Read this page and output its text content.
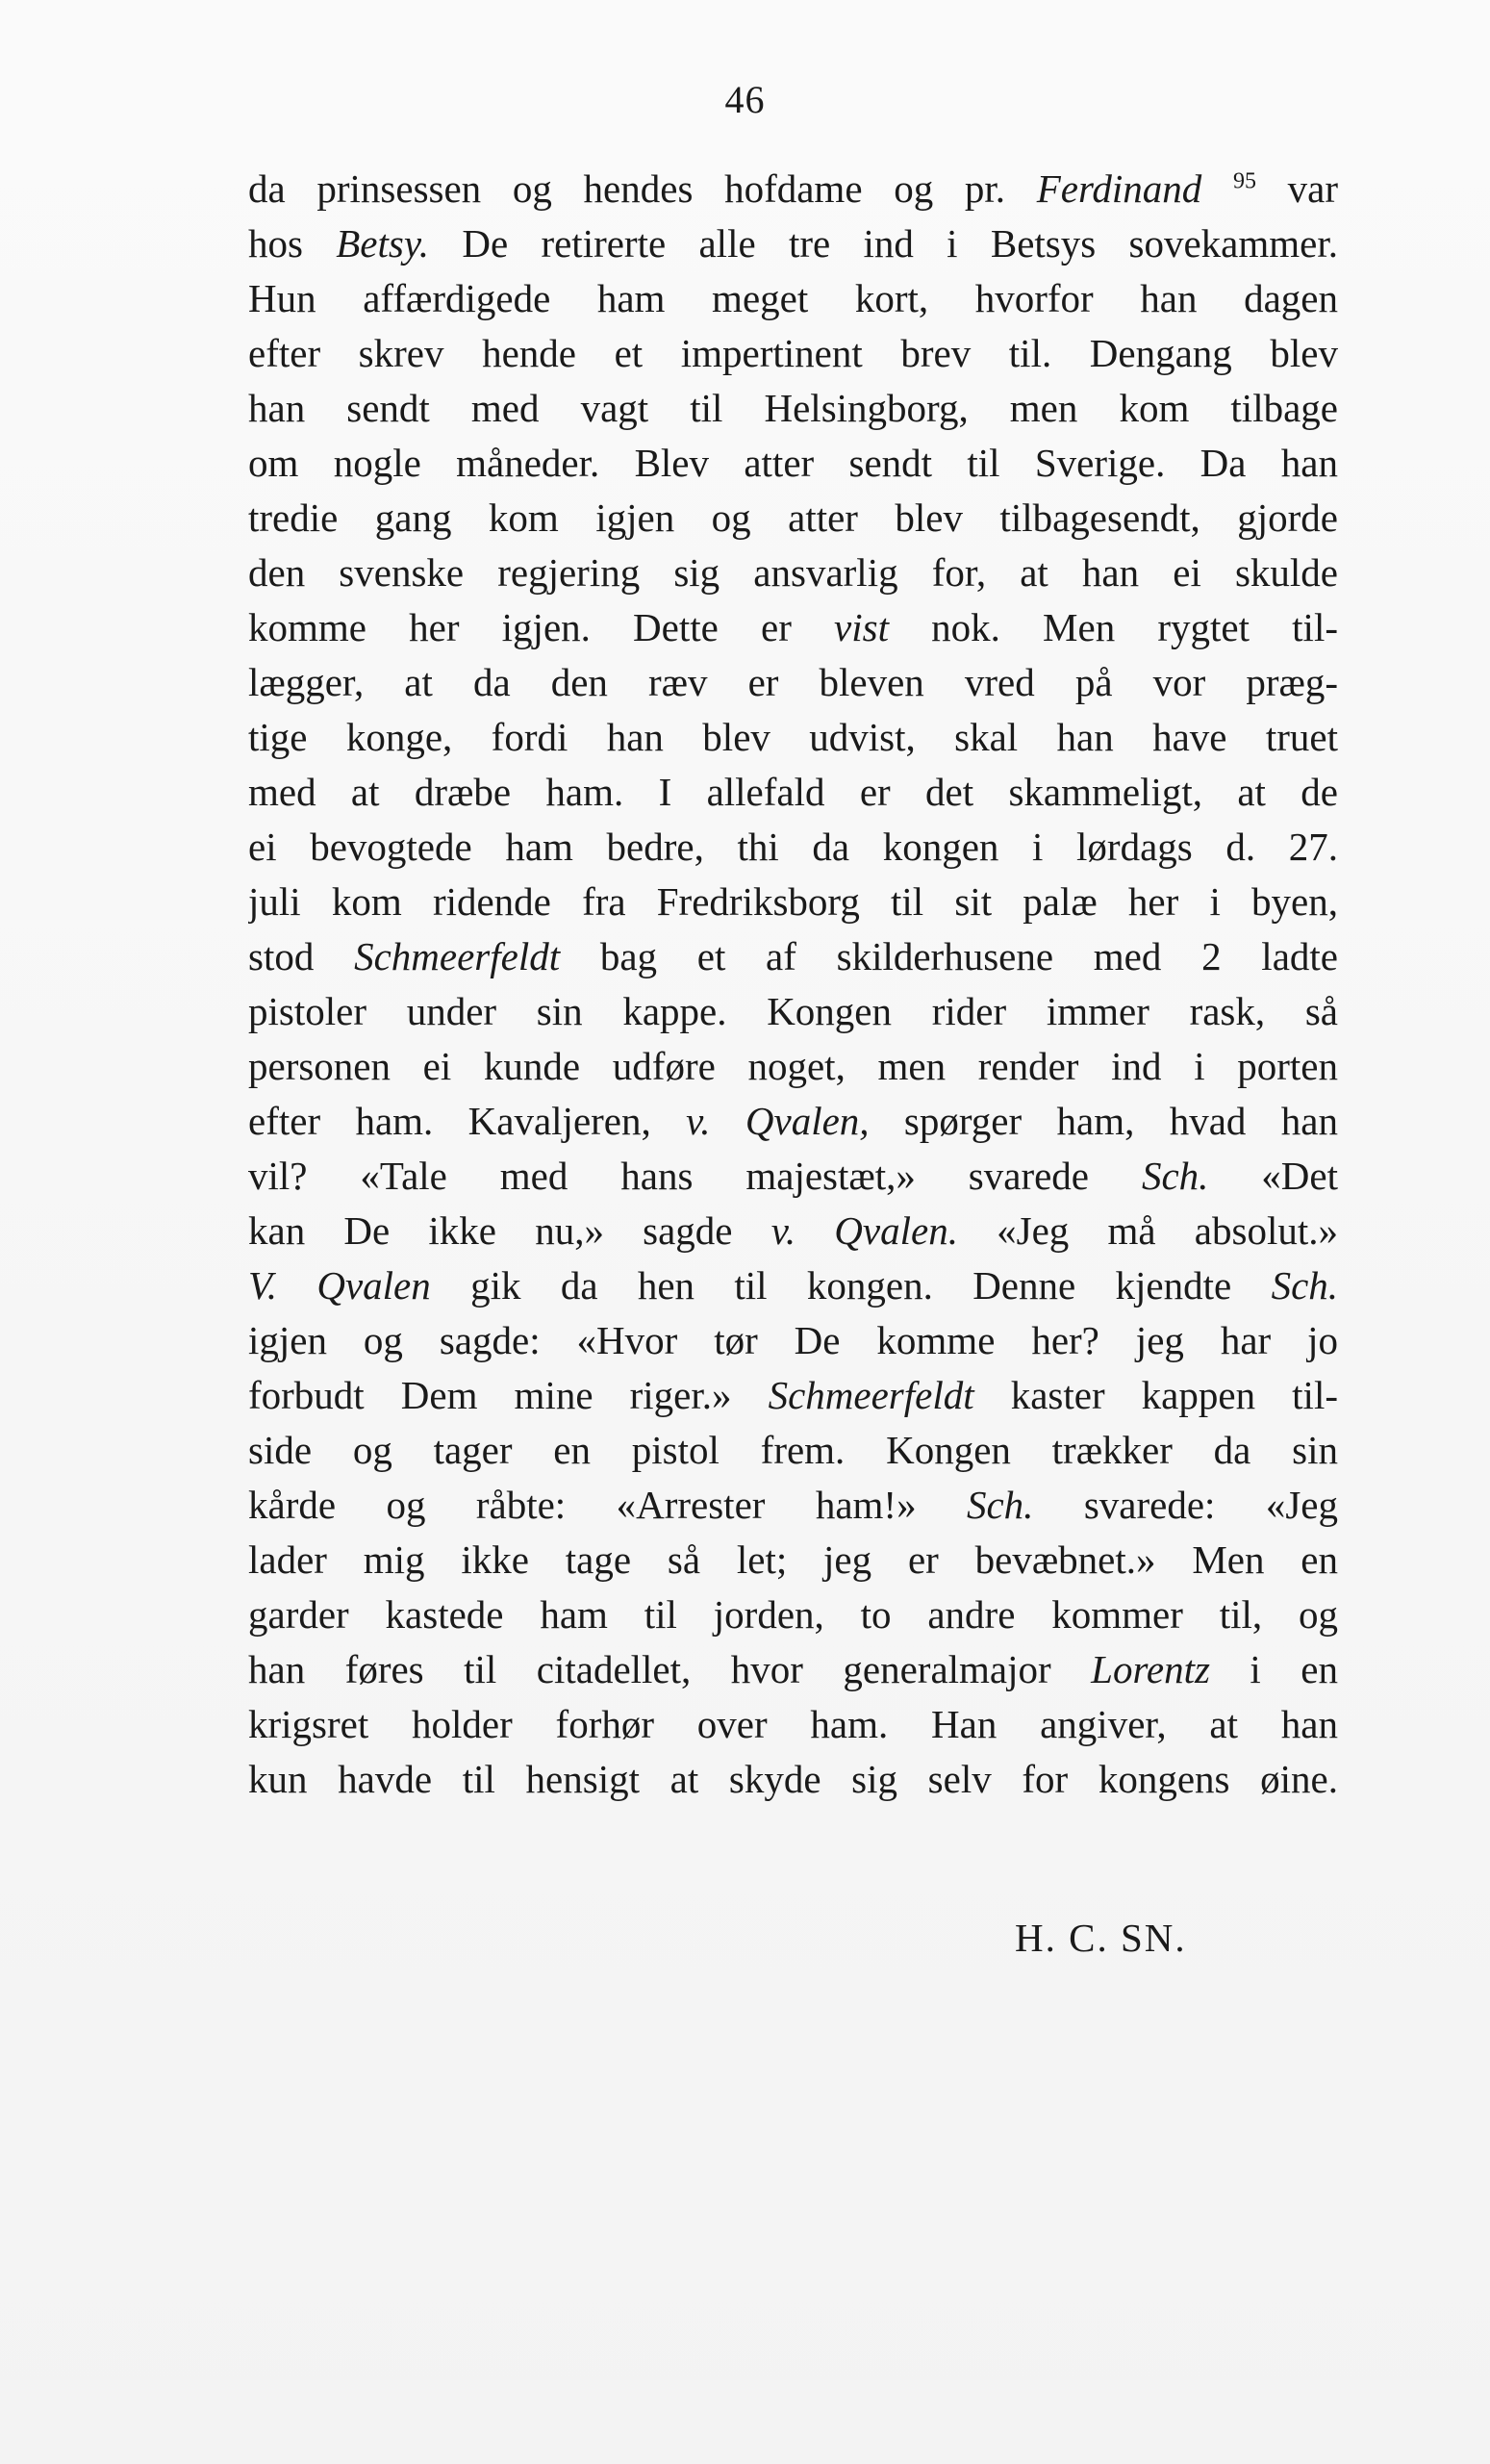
46
da prinsessen og hendes hofdame og pr. Ferdinand $^{95}$ var
hos Betsy. De retirerte alle tre ind i Betsys sovekammer.
Hun affærdigede ham meget kort, hvorfor han dagen
efter skrev hende et impertinent brev til. Dengang blev
han sendt med vagt til Helsingborg, men kom tilbage
om nogle måneder. Blev atter sendt til Sverige. Da han
tredie gang kom igjen og atter blev tilbagesendt, gjorde
den svenske regjering sig ansvarlig for, at han ei skulde
komme her igjen. Dette er vist nok. Men rygtet til-
lægger, at da den ræv er bleven vred på vor præg-
tige konge, fordi han blev udvist, skal han have truet
med at dræbe ham. I allefald er det skammeligt, at de
ei bevogtede ham bedre, thi da kongen i lørdags d. 27.
juli kom ridende fra Fredriksborg til sit palæ her i byen,
stod Schmeerfeldt bag et af skilderhusene med 2 ladte
pistoler under sin kappe. Kongen rider immer rask, så
personen ei kunde udføre noget, men render ind i porten
efter ham. Kavaljeren, v. Qvalen, spørger ham, hvad han
vil? «Tale med hans majestæt,» svarede Sch. «Det
kan De ikke nu,» sagde v. Qvalen. «Jeg må absolut.»
V. Qvalen gik da hen til kongen. Denne kjendte Sch.
igjen og sagde: «Hvor tør De komme her? jeg har jo
forbudt Dem mine riger.» Schmeerfeldt kaster kappen til-
side og tager en pistol frem. Kongen trækker da sin
kårde og råbte: «Arrester ham!» Sch. svarede: «Jeg
lader mig ikke tage så let; jeg er bevæbnet.» Men en
garder kastede ham til jorden, to andre kommer til, og
han føres til citadellet, hvor generalmajor Lorentz i en
krigsret holder forhør over ham. Han angiver, at han
kun havde til hensigt at skyde sig selv for kongens øine.
H. C. SN.
